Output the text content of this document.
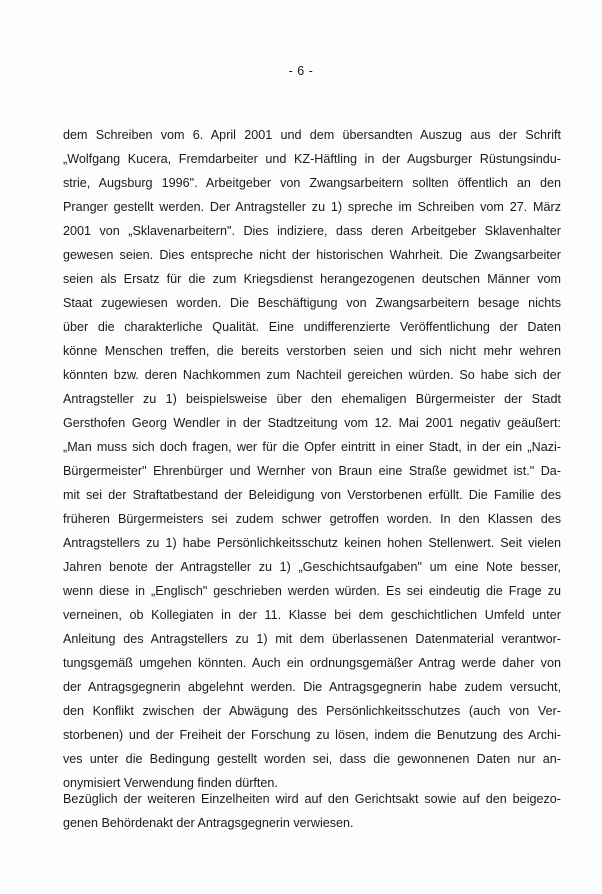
- 6 -
dem Schreiben vom 6. April 2001 und dem übersandten Auszug aus der Schrift
„Wolfgang Kucera, Fremdarbeiter und KZ-Häftling in der Augsburger Rüstungsindu-
strie, Augsburg 1996". Arbeitgeber von Zwangsarbeitern sollten öffentlich an den
Pranger gestellt werden. Der Antragsteller zu 1) spreche im Schreiben vom 27. März
2001 von „Sklavenarbeitern". Dies indiziere, dass deren Arbeitgeber Sklavenhalter
gewesen seien. Dies entspreche nicht der historischen Wahrheit. Die Zwangsarbeiter
seien als Ersatz für die zum Kriegsdienst herangezogenen deutschen Männer vom
Staat zugewiesen worden. Die Beschäftigung von Zwangsarbeitern besage nichts
über die charakterliche Qualität. Eine undifferenzierte Veröffentlichung der Daten
könne Menschen treffen, die bereits verstorben seien und sich nicht mehr wehren
könnten bzw. deren Nachkommen zum Nachteil gereichen würden. So habe sich der
Antragsteller zu 1) beispielsweise über den ehemaligen Bürgermeister der Stadt
Gersthofen Georg Wendler in der Stadtzeitung vom 12. Mai 2001 negativ geäußert:
„Man muss sich doch fragen, wer für die Opfer eintritt in einer Stadt, in der ein „Nazi-
Bürgermeister" Ehrenbürger und Wernher von Braun eine Straße gewidmet ist." Da-
mit sei der Straftatbestand der Beleidigung von Verstorbenen erfüllt. Die Familie des
früheren Bürgermeisters sei zudem schwer getroffen worden. In den Klassen des
Antragstellers zu 1) habe Persönlichkeitsschutz keinen hohen Stellenwert. Seit vielen
Jahren benote der Antragsteller zu 1) „Geschichtsaufgaben" um eine Note besser,
wenn diese in „Englisch" geschrieben werden würden. Es sei eindeutig die Frage zu
verneinen, ob Kollegiaten in der 11. Klasse bei dem geschichtlichen Umfeld unter
Anleitung des Antragstellers zu 1) mit dem überlassenen Datenmaterial verantwor-
tungsgemäß umgehen könnten. Auch ein ordnungsgemäßer Antrag werde daher von
der Antragsgegnerin abgelehnt werden. Die Antragsgegnerin habe zudem versucht,
den Konflikt zwischen der Abwägung des Persönlichkeitsschutzes (auch von Ver-
storbenen) und der Freiheit der Forschung zu lösen, indem die Benutzung des Archi-
ves unter die Bedingung gestellt worden sei, dass die gewonnenen Daten nur an-
onymisiert Verwendung finden dürften.
Bezüglich der weiteren Einzelheiten wird auf den Gerichtsakt sowie auf den beigezo-
genen Behördenakt der Antragsgegnerin verwiesen.
